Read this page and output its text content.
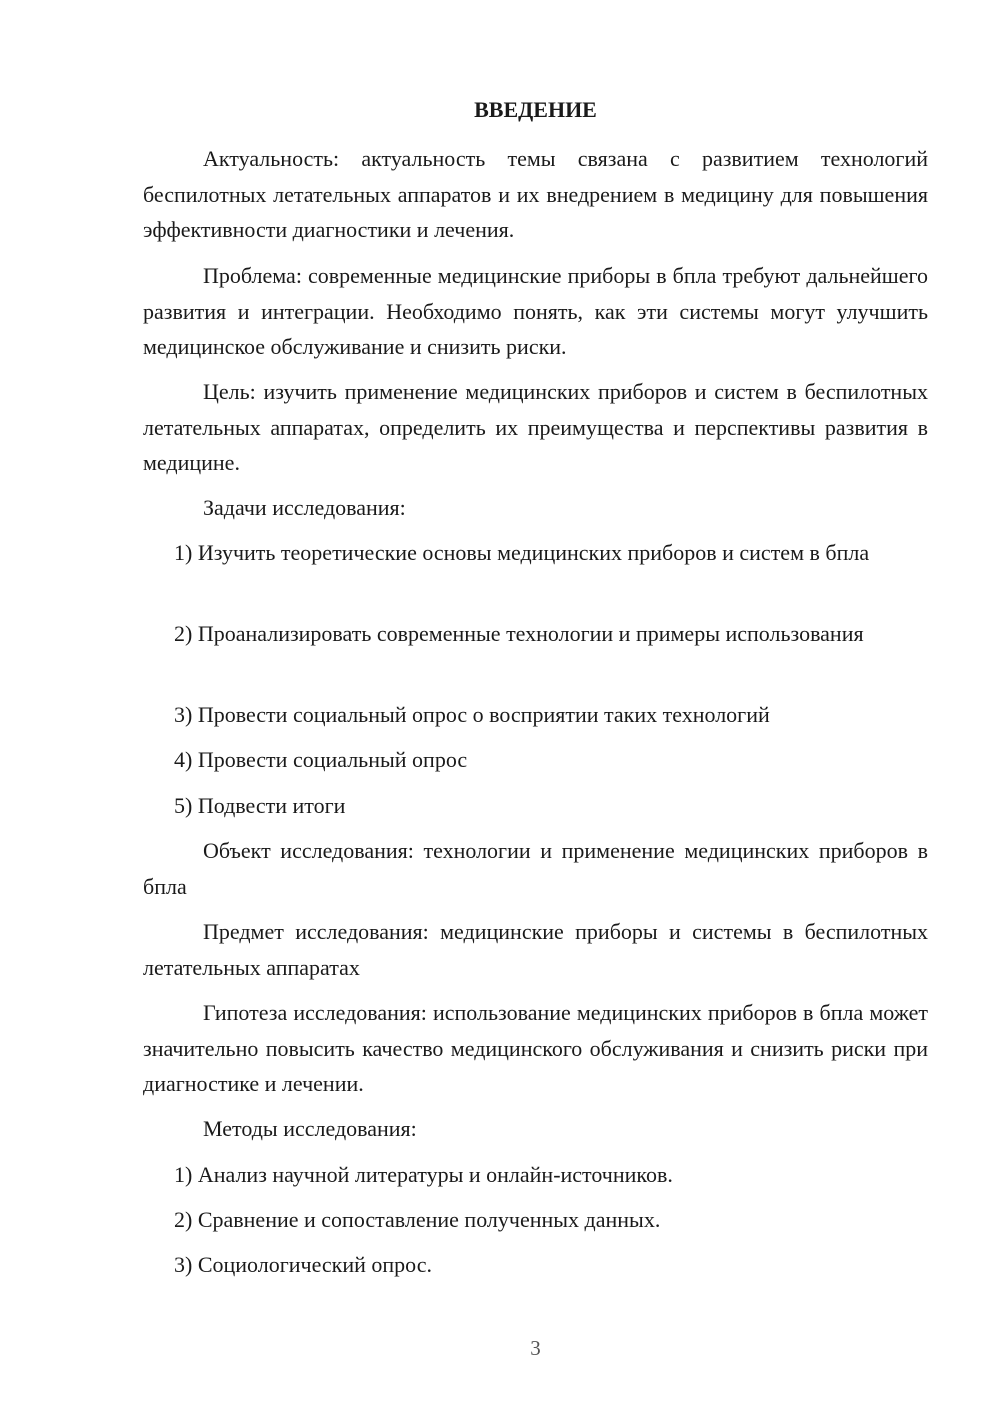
ВВЕДЕНИЕ

Актуальность: актуальность темы связана с развитием технологий беспилотных летательных аппаратов и их внедрением в медицину для повышения эффективности диагностики и лечения.

Проблема: современные медицинские приборы в бпла требуют дальнейшего развития и интеграции. Необходимо понять, как эти системы могут улучшить медицинское обслуживание и снизить риски.

Цель: изучить применение медицинских приборов и систем в беспилотных летательных аппаратах, определить их преимущества и перспективы развития в медицине.

Задачи исследования:

1) Изучить теоретические основы медицинских приборов и систем в бпла

2) Проанализировать современные технологии и примеры использования

3) Провести социальный опрос о восприятии таких технологий

4) Провести социальный опрос

5) Подвести итоги

Объект исследования: технологии и применение медицинских приборов в бпла

Предмет исследования: медицинские приборы и системы в беспилотных летательных аппаратах

Гипотеза исследования: использование медицинских приборов в бпла может значительно повысить качество медицинского обслуживания и снизить риски при диагностике и лечении.

Методы исследования:

1) Анализ научной литературы и онлайн-источников.

2) Сравнение и сопоставление полученных данных.

3) Социологический опрос.

3
